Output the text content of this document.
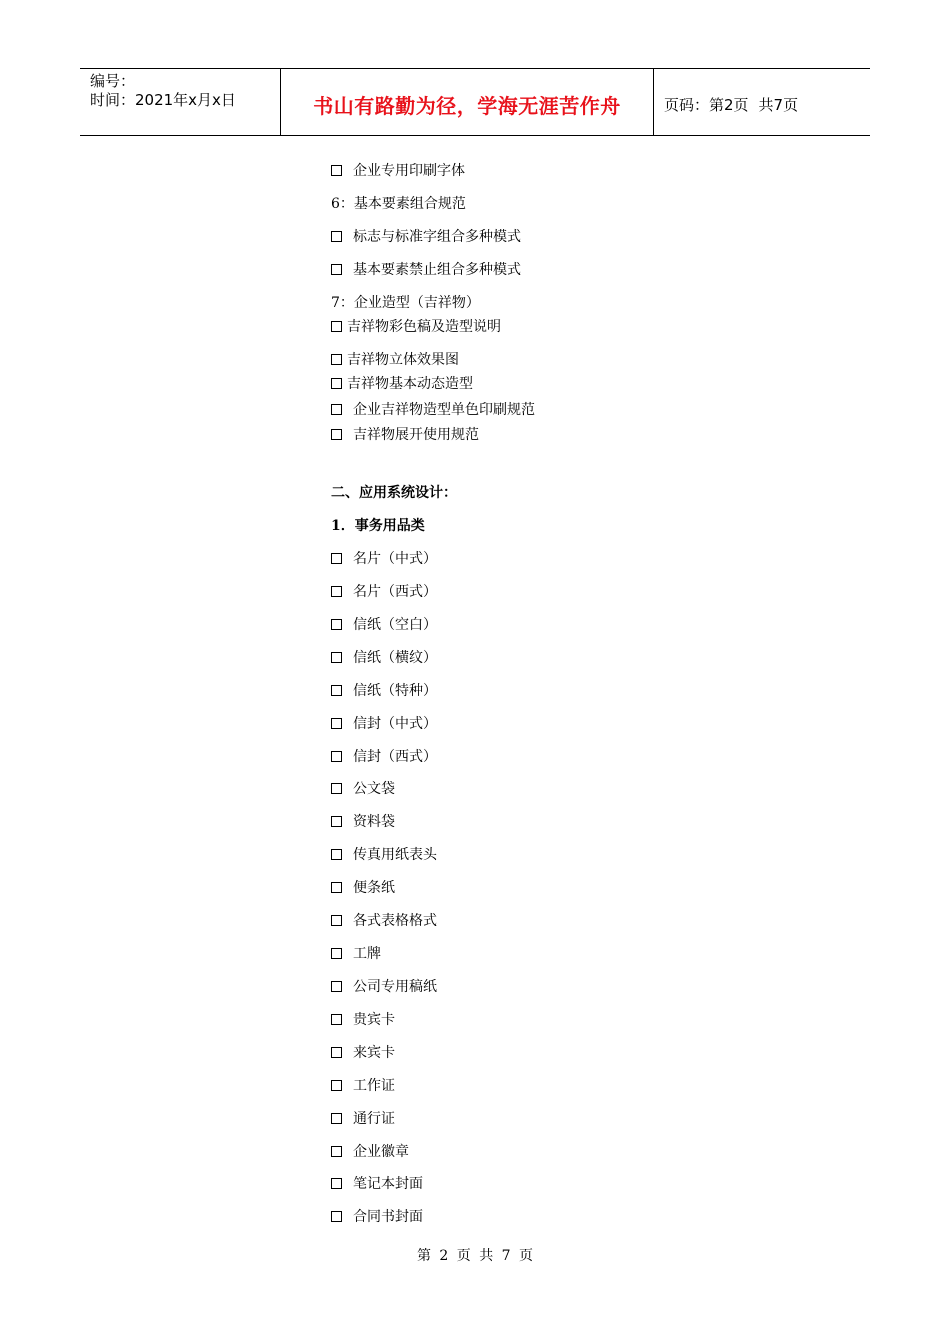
编号：
时间：2021年x月x日	书山有路勤为径，学海无涯苦作舟	页码：第2页 共7页
企业专用印刷字体
6：基本要素组合规范
标志与标准字组合多种模式
基本要素禁止组合多种模式
7：企业造型（吉祥物）
吉祥物彩色稿及造型说明
吉祥物立体效果图
吉祥物基本动态造型
企业吉祥物造型单色印刷规范
吉祥物展开使用规范
二、应用系统设计：
1．事务用品类
名片（中式）
名片（西式）
信纸（空白）
信纸（横纹）
信纸（特种）
信封（中式）
信封（西式）
公文袋
资料袋
传真用纸表头
便条纸
各式表格格式
工牌
公司专用稿纸
贵宾卡
来宾卡
工作证
通行证
企业徽章
笔记本封面
合同书封面
第 2 页 共 7 页
